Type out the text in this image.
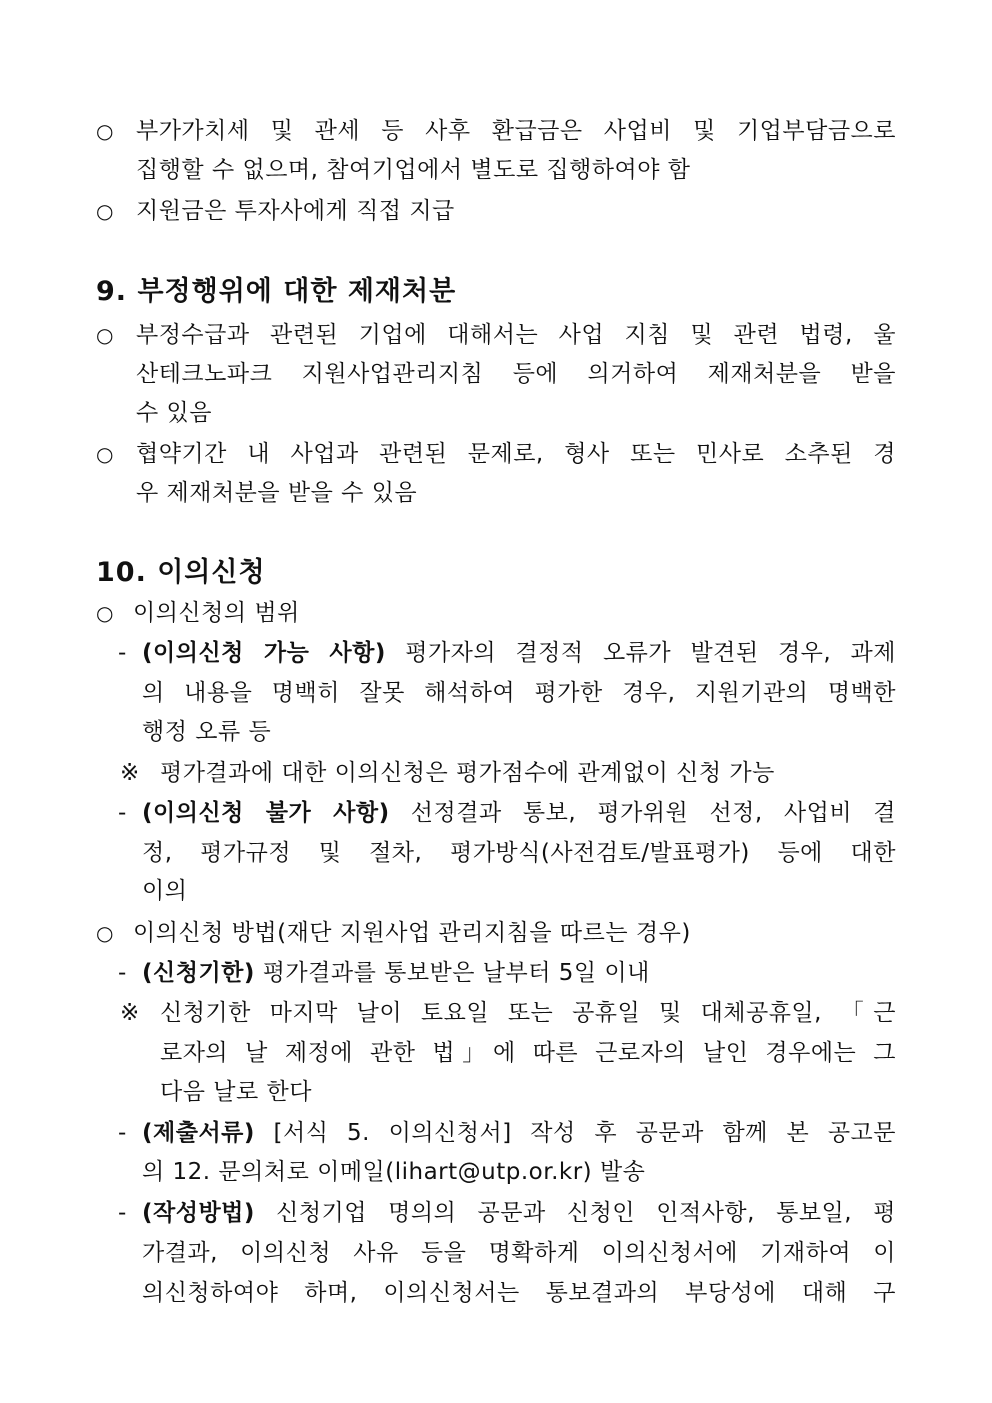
○ 부가가치세 및 관세 등 사후 환급금은 사업비 및 기업부담금으로
집행할 수 없으며, 참여기업에서 별도로 집행하여야 함
○ 지원금은 투자사에게 직접 지급
9. 부정행위에 대한 제재처분
○ 부정수급과 관련된 기업에 대해서는 사업 지침 및 관련 법령, 울
산테크노파크 지원사업관리지침 등에 의거하여 제재처분을 받을
수 있음
○ 협약기간 내 사업과 관련된 문제로, 형사 또는 민사로 소추된 경
우 제재처분을 받을 수 있음
10. 이의신청
○ 이의신청의 범위
- (이의신청 가능 사항) 평가자의 결정적 오류가 발견된 경우, 과제
의 내용을 명백히 잘못 해석하여 평가한 경우, 지원기관의 명백한
행정 오류 등
※ 평가결과에 대한 이의신청은 평가점수에 관계없이 신청 가능
- (이의신청 불가 사항) 선정결과 통보, 평가위원 선정, 사업비 결
정, 평가규정 및 절차, 평가방식(사전검토/발표평가) 등에 대한
이의
○ 이의신청 방법(재단 지원사업 관리지침을 따르는 경우)
- (신청기한) 평가결과를 통보받은 날부터 5일 이내
※ 신청기한 마지막 날이 토요일 또는 공휴일 및 대체공휴일, 「근
로자의 날 제정에 관한 법」에 따른 근로자의 날인 경우에는 그
다음 날로 한다
- (제출서류) [서식 5. 이의신청서] 작성 후 공문과 함께 본 공고문
의 12. 문의처로 이메일(lihart@utp.or.kr) 발송
- (작성방법) 신청기업 명의의 공문과 신청인 인적사항, 통보일, 평
가결과, 이의신청 사유 등을 명확하게 이의신청서에 기재하여 이
의신청하여야 하며, 이의신청서는 통보결과의 부당성에 대해 구
